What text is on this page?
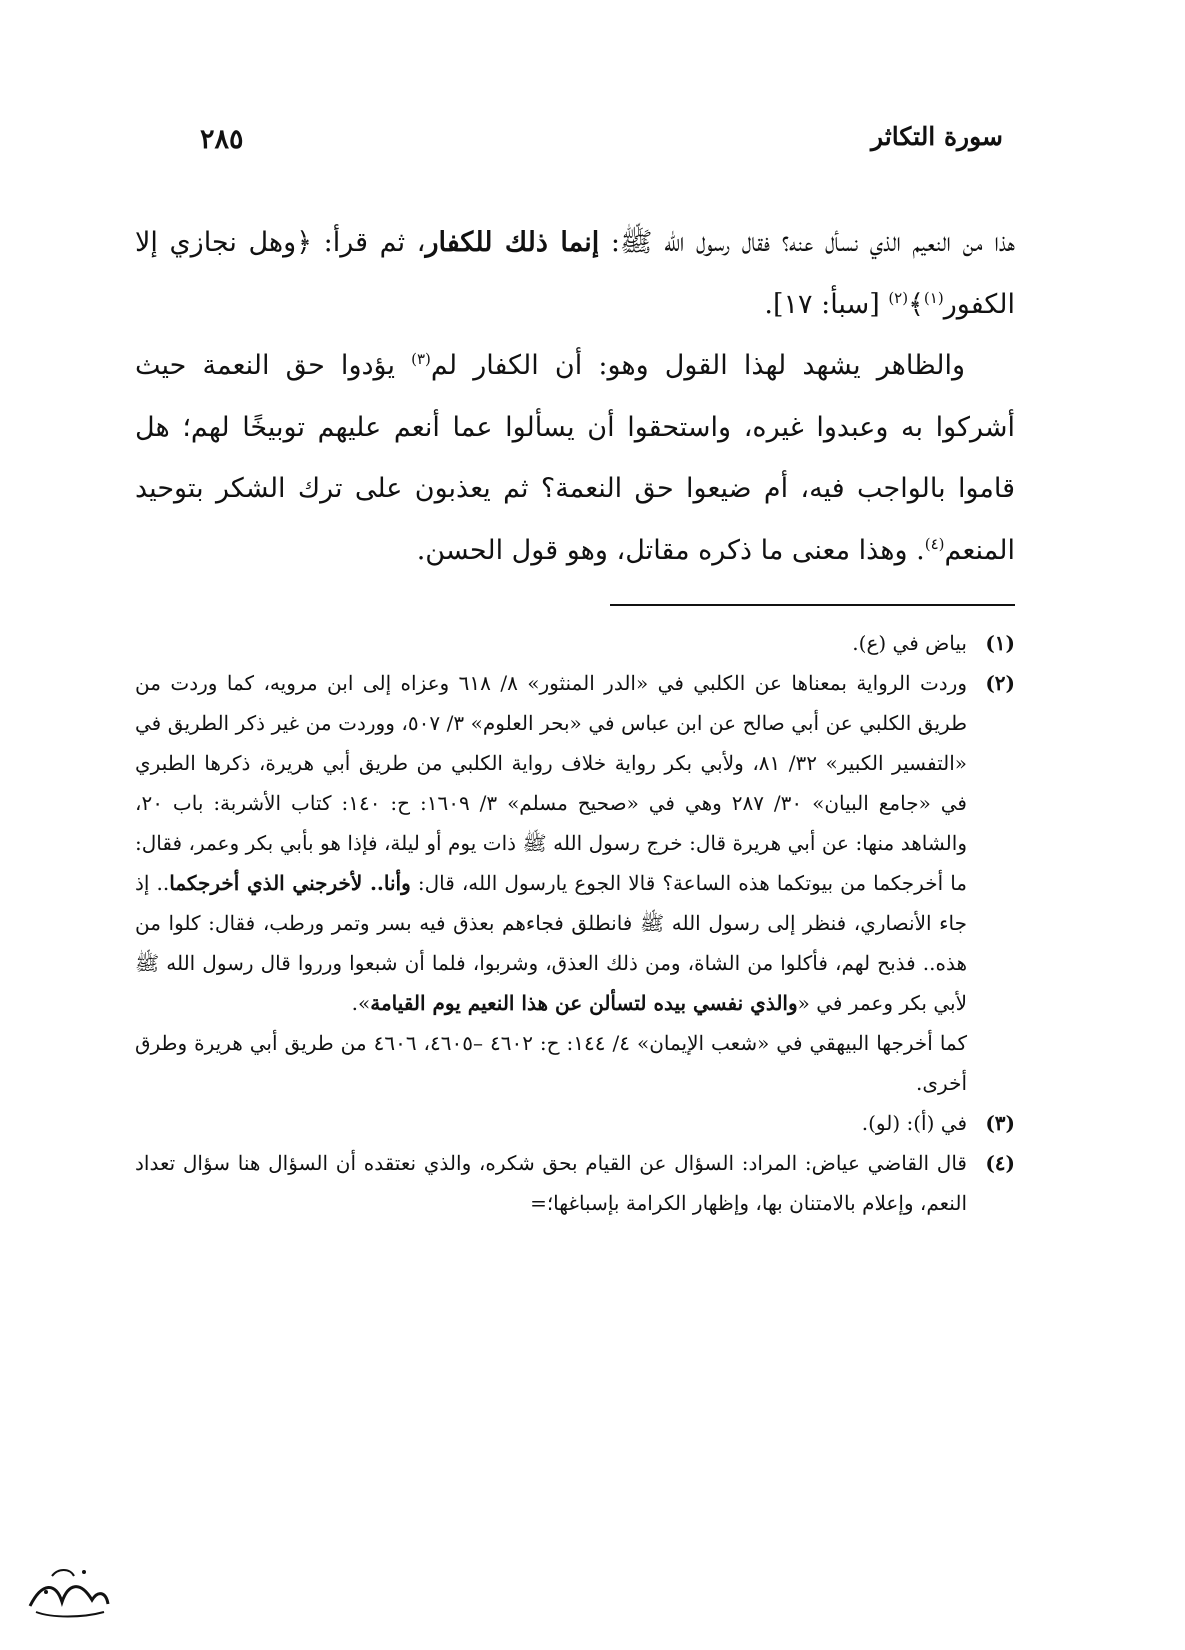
سورة التكاثر
٢٨٥

هذا من النعيم الذي نسأل عنه؟ فقال رسول الله ﷺ: إنما ذلك للكفار، ثم قرأ: ﴿وهل نجازي إلا الكفور$^{(١)}$﴾$^{(٢)}$ [سبأ: ١٧].

والظاهر يشهد لهذا القول وهو: أن الكفار لم$^{(٣)}$ يؤدوا حق النعمة حيث أشركوا به وعبدوا غيره، واستحقوا أن يسألوا عما أنعم عليهم توبيخًا لهم؛ هل قاموا بالواجب فيه، أم ضيعوا حق النعمة؟ ثم يعذبون على ترك الشكر بتوحيد المنعم$^{(٤)}$. وهذا معنى ما ذكره مقاتل، وهو قول الحسن.

(١)
بياض في (ع).
(٢)
وردت الرواية بمعناها عن الكلبي في «الدر المنثور» ٨/ ٦١٨ وعزاه إلى ابن مرويه، كما وردت من طريق الكلبي عن أبي صالح عن ابن عباس في «بحر العلوم» ٣/ ٥٠٧، ووردت من غير ذكر الطريق في «التفسير الكبير» ٣٢/ ٨١، ولأبي بكر رواية خلاف رواية الكلبي من طريق أبي هريرة، ذكرها الطبري في «جامع البيان» ٣٠/ ٢٨٧ وهي في «صحيح مسلم» ٣/ ١٦٠٩: ح: ١٤٠: كتاب الأشربة: باب ٢٠، والشاهد منها: عن أبي هريرة قال: خرج رسول الله ﷺ ذات يوم أو ليلة، فإذا هو بأبي بكر وعمر، فقال: ما أخرجكما من بيوتكما هذه الساعة؟ قالا الجوع يارسول الله، قال: وأنا.. لأخرجني الذي أخرجكما.. إذ جاء الأنصاري، فنظر إلى رسول الله ﷺ فانطلق فجاءهم بعذق فيه بسر وتمر ورطب، فقال: كلوا من هذه.. فذبح لهم، فأكلوا من الشاة، ومن ذلك العذق، وشربوا، فلما أن شبعوا ورروا قال رسول الله ﷺ لأبي بكر وعمر في «والذي نفسي بيده لتسألن عن هذا النعيم يوم القيامة».
كما أخرجها البيهقي في «شعب الإيمان» ٤/ ١٤٤: ح: ٤٦٠٢ –٤٦٠٥، ٤٦٠٦ من طريق أبي هريرة وطرق أخرى.
(٣)
في (أ): (لو).
(٤)
قال القاضي عياض: المراد: السؤال عن القيام بحق شكره، والذي نعتقده أن السؤال هنا سؤال تعداد النعم، وإعلام بالامتنان بها، وإظهار الكرامة بإسباغها؛=
